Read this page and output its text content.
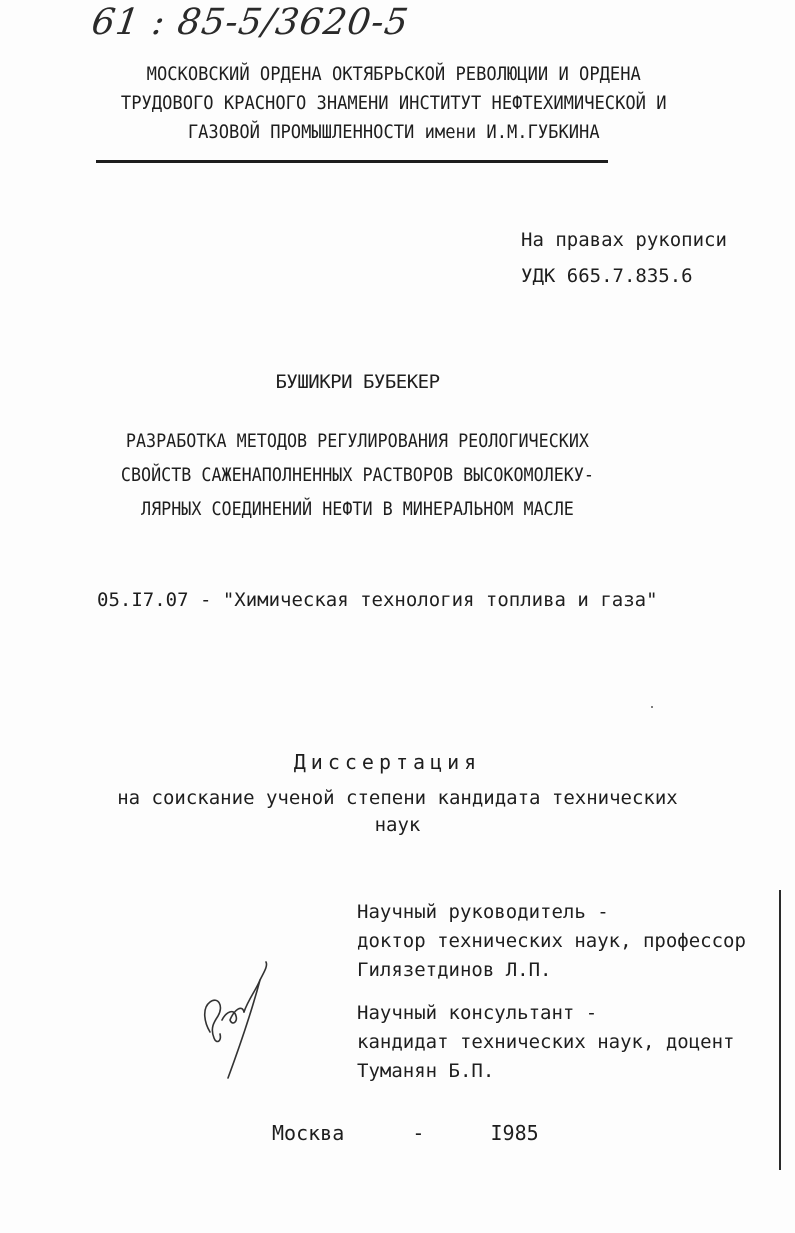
61 : 85-5/3620-5
МОСКОВСКИЙ ОРДЕНА ОКТЯБРЬСКОЙ РЕВОЛЮЦИИ И ОРДЕНА
ТРУДОВОГО КРАСНОГО ЗНАМЕНИ ИНСТИТУТ НЕФТЕХИМИЧЕСКОЙ И
ГАЗОВОЙ ПРОМЫШЛЕННОСТИ имени И.М.ГУБКИНА
На правах рукописи
УДК 665.7.835.6
БУШИКРИ БУБЕКЕР
РАЗРАБОТКА МЕТОДОВ РЕГУЛИРОВАНИЯ РЕОЛОГИЧЕСКИХ
СВОЙСТВ САЖЕНАПОЛНЕННЫХ РАСТВОРОВ ВЫСОКОМОЛЕКУ-
ЛЯРНЫХ СОЕДИНЕНИЙ НЕФТИ В МИНЕРАЛЬНОМ МАСЛЕ
05.I7.07 - "Химическая технология топлива и газа"
Диссертация
на соискание ученой степени кандидата технических
наук
Научный руководитель -
доктор технических наук, профессор
Гилязетдинов Л.П.
Научный консультант -
кандидат технических наук, доцент
Туманян Б.П.
Москва	-	I985
